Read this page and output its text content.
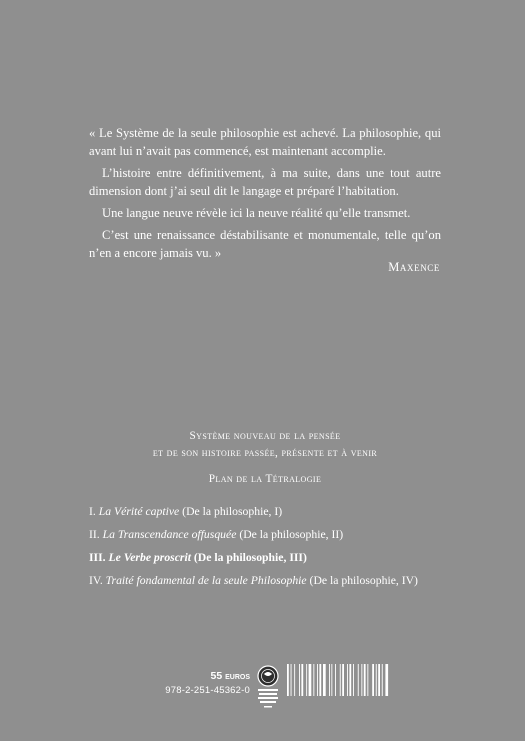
« Le Système de la seule philosophie est achevé. La philosophie, qui avant lui n’avait pas commencé, est maintenant accomplie.

L’histoire entre définitivement, à ma suite, dans une tout autre dimension dont j’ai seul dit le langage et préparé l’habitation.

Une langue neuve révèle ici la neuve réalité qu’elle transmet.

C’est une renaissance déstabilisante et monumentale, telle qu’on n’en a encore jamais vu. »

Maxence
Système nouveau de la pensée
et de son histoire passée, présente et à venir
Plan de la Tétralogie
I. La Vérité captive (De la philosophie, I)
II. La Transcendance offusquée (De la philosophie, II)
III. Le Verbe proscrit (De la philosophie, III)
IV. Traité fondamental de la seule Philosophie (De la philosophie, IV)
55 EUROS
978-2-251-45362-0
